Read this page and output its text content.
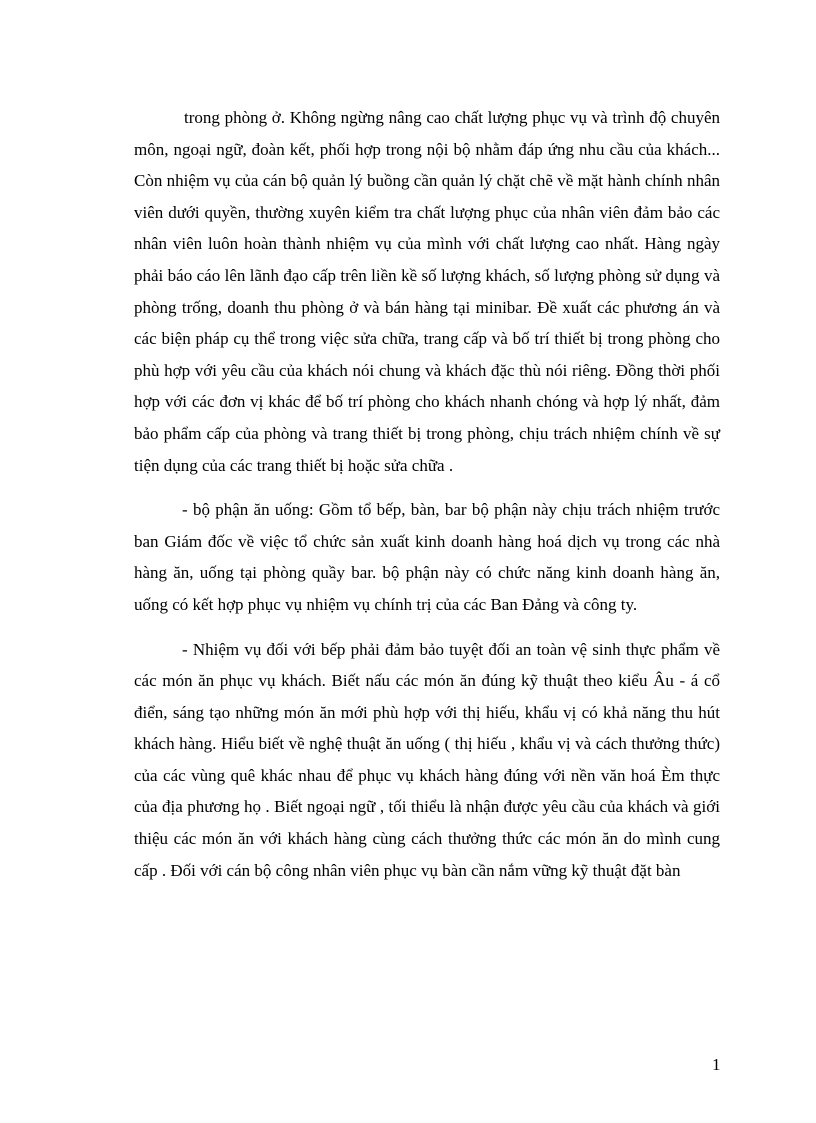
trong phòng ở. Không ngừng nâng cao chất lượng phục vụ và trình độ chuyên môn, ngoại ngữ, đoàn kết, phối hợp trong nội bộ nhằm đáp ứng nhu cầu của khách... Còn nhiệm vụ của cán bộ quản lý buồng cần quản lý chặt chẽ về mặt hành chính nhân viên dưới quyền, thường xuyên kiểm tra chất lượng phục của nhân viên đảm bảo các nhân viên luôn hoàn thành nhiệm vụ của mình với chất lượng cao nhất. Hàng ngày phải báo cáo lên lãnh đạo cấp trên liền kề số lượng khách, số lượng phòng sử dụng và phòng trống, doanh thu phòng ở và bán hàng tại minibar. Đề xuất các phương án và các biện pháp cụ thể trong việc sửa chữa, trang cấp và bố trí thiết bị trong phòng cho phù hợp với yêu cầu của khách nói chung và khách đặc thù nói riêng. Đồng thời phối hợp với các đơn vị khác để bố trí phòng cho khách nhanh chóng và hợp lý nhất, đảm bảo phẩm cấp của phòng và trang thiết bị trong phòng, chịu trách nhiệm chính về sự tiện dụng của các trang thiết bị hoặc sửa chữa .

- bộ phận ăn uống: Gồm tổ bếp, bàn, bar bộ phận này chịu trách nhiệm trước ban Giám đốc về việc tổ chức sản xuất kinh doanh hàng hoá dịch vụ trong các nhà hàng ăn, uống tại phòng quầy bar. bộ phận này có chức năng kinh doanh hàng ăn, uống có kết hợp phục vụ nhiệm vụ chính trị của các Ban Đảng và công ty.

- Nhiệm vụ đối với bếp phải đảm bảo tuyệt đối an toàn vệ sinh thực phẩm về các món ăn phục vụ khách. Biết nấu các món ăn đúng kỹ thuật theo kiểu Âu - á cổ điển, sáng tạo những món ăn mới phù hợp với thị hiếu, khẩu vị có khả năng thu hút khách hàng. Hiểu biết về nghệ thuật ăn uống ( thị hiếu , khẩu vị và cách thưởng thức) của các vùng quê khác nhau để phục vụ khách hàng đúng với nền văn hoá Èm thực của địa phương họ . Biết ngoại ngữ , tối thiểu là nhận được yêu cầu của khách và giới thiệu các món ăn với khách hàng cùng cách thưởng thức các món ăn do mình cung cấp . Đối với cán bộ công nhân viên phục vụ bàn cần nắm vững kỹ thuật đặt bàn

1
